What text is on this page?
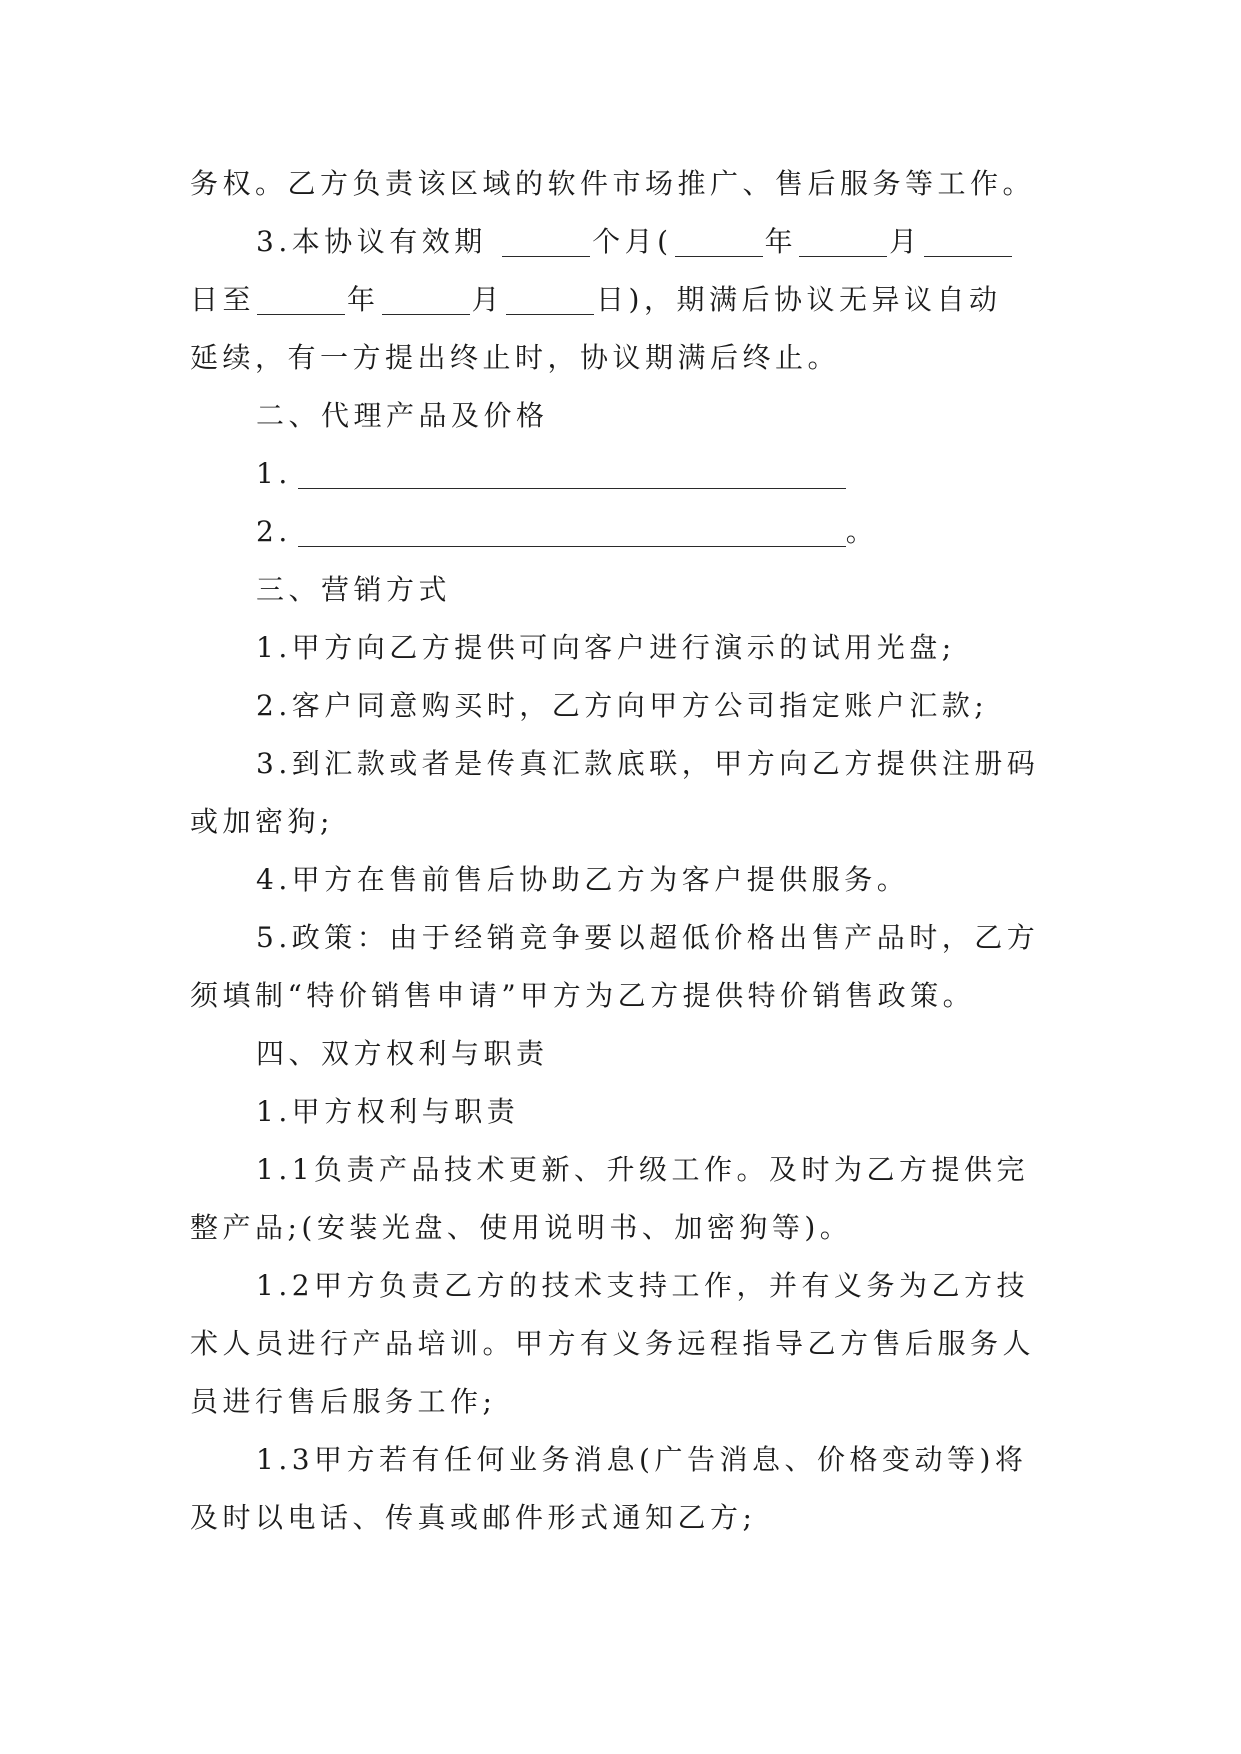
务权。乙方负责该区域的软件市场推广、售后服务等工作。
3.本协议有效期	个月(	年	月
日至	年	月	日)，期满后协议无异议自动
延续，有一方提出终止时，协议期满后终止。
二、代理产品及价格
1.
2.	。
三、营销方式
1.甲方向乙方提供可向客户进行演示的试用光盘;
2.客户同意购买时，乙方向甲方公司指定账户汇款;
3.到汇款或者是传真汇款底联，甲方向乙方提供注册码
或加密狗;
4.甲方在售前售后协助乙方为客户提供服务。
5.政策：由于经销竞争要以超低价格出售产品时，乙方
须填制“特价销售申请”甲方为乙方提供特价销售政策。
四、双方权利与职责
1.甲方权利与职责
1.1负责产品技术更新、升级工作。及时为乙方提供完
整产品;(安装光盘、使用说明书、加密狗等)。
1.2甲方负责乙方的技术支持工作，并有义务为乙方技
术人员进行产品培训。甲方有义务远程指导乙方售后服务人
员进行售后服务工作;
1.3甲方若有任何业务消息(广告消息、价格变动等)将
及时以电话、传真或邮件形式通知乙方;
